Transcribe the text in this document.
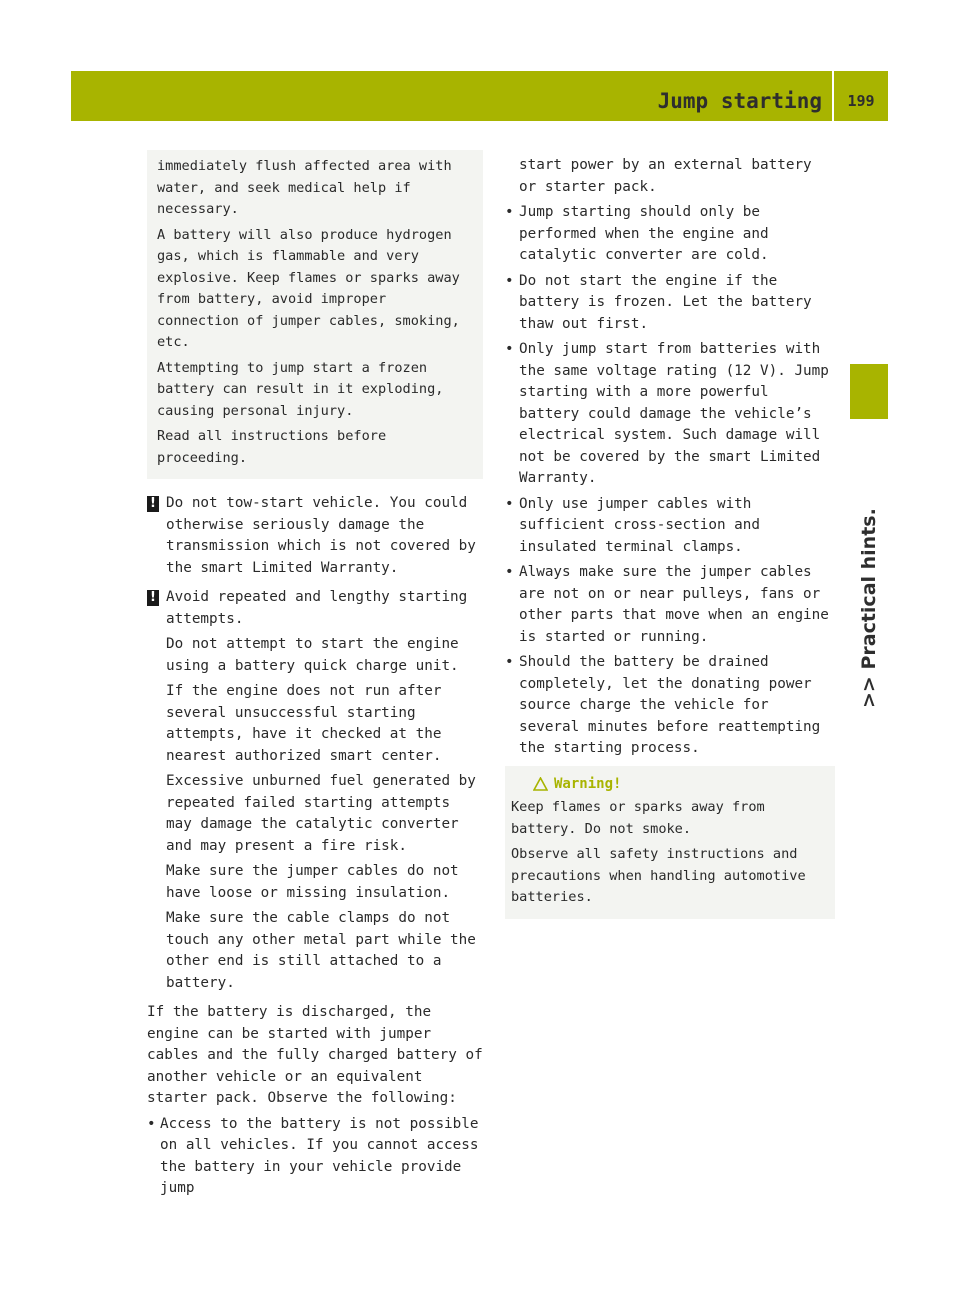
Jump starting	199
>> Practical hints.

immediately flush affected area with water, and seek medical help if necessary.

A battery will also produce hydrogen gas, which is flammable and very explosive. Keep flames or sparks away from battery, avoid improper connection of jumper cables, smoking, etc.

Attempting to jump start a frozen battery can result in it exploding, causing personal injury.

Read all instructions before proceeding.

! Do not tow-start vehicle. You could otherwise seriously damage the transmission which is not covered by the smart Limited Warranty.

! Avoid repeated and lengthy starting attempts.

Do not attempt to start the engine using a battery quick charge unit.

If the engine does not run after several unsuccessful starting attempts, have it checked at the nearest authorized smart center.

Excessive unburned fuel generated by repeated failed starting attempts may damage the catalytic converter and may present a fire risk.

Make sure the jumper cables do not have loose or missing insulation.

Make sure the cable clamps do not touch any other metal part while the other end is still attached to a battery.

If the battery is discharged, the engine can be started with jumper cables and the fully charged battery of another vehicle or an equivalent starter pack. Observe the following:

• Access to the battery is not possible on all vehicles. If you cannot access the battery in your vehicle provide jump

start power by an external battery or starter pack.

• Jump starting should only be performed when the engine and catalytic converter are cold.
• Do not start the engine if the battery is frozen. Let the battery thaw out first.
• Only jump start from batteries with the same voltage rating (12 V). Jump starting with a more powerful battery could damage the vehicle’s electrical system. Such damage will not be covered by the smart Limited Warranty.
• Only use jumper cables with sufficient cross-section and insulated terminal clamps.
• Always make sure the jumper cables are not on or near pulleys, fans or other parts that move when an engine is started or running.
• Should the battery be drained completely, let the donating power source charge the vehicle for several minutes before reattempting the starting process.
Warning!

Keep flames or sparks away from battery. Do not smoke.

Observe all safety instructions and precautions when handling automotive batteries.
